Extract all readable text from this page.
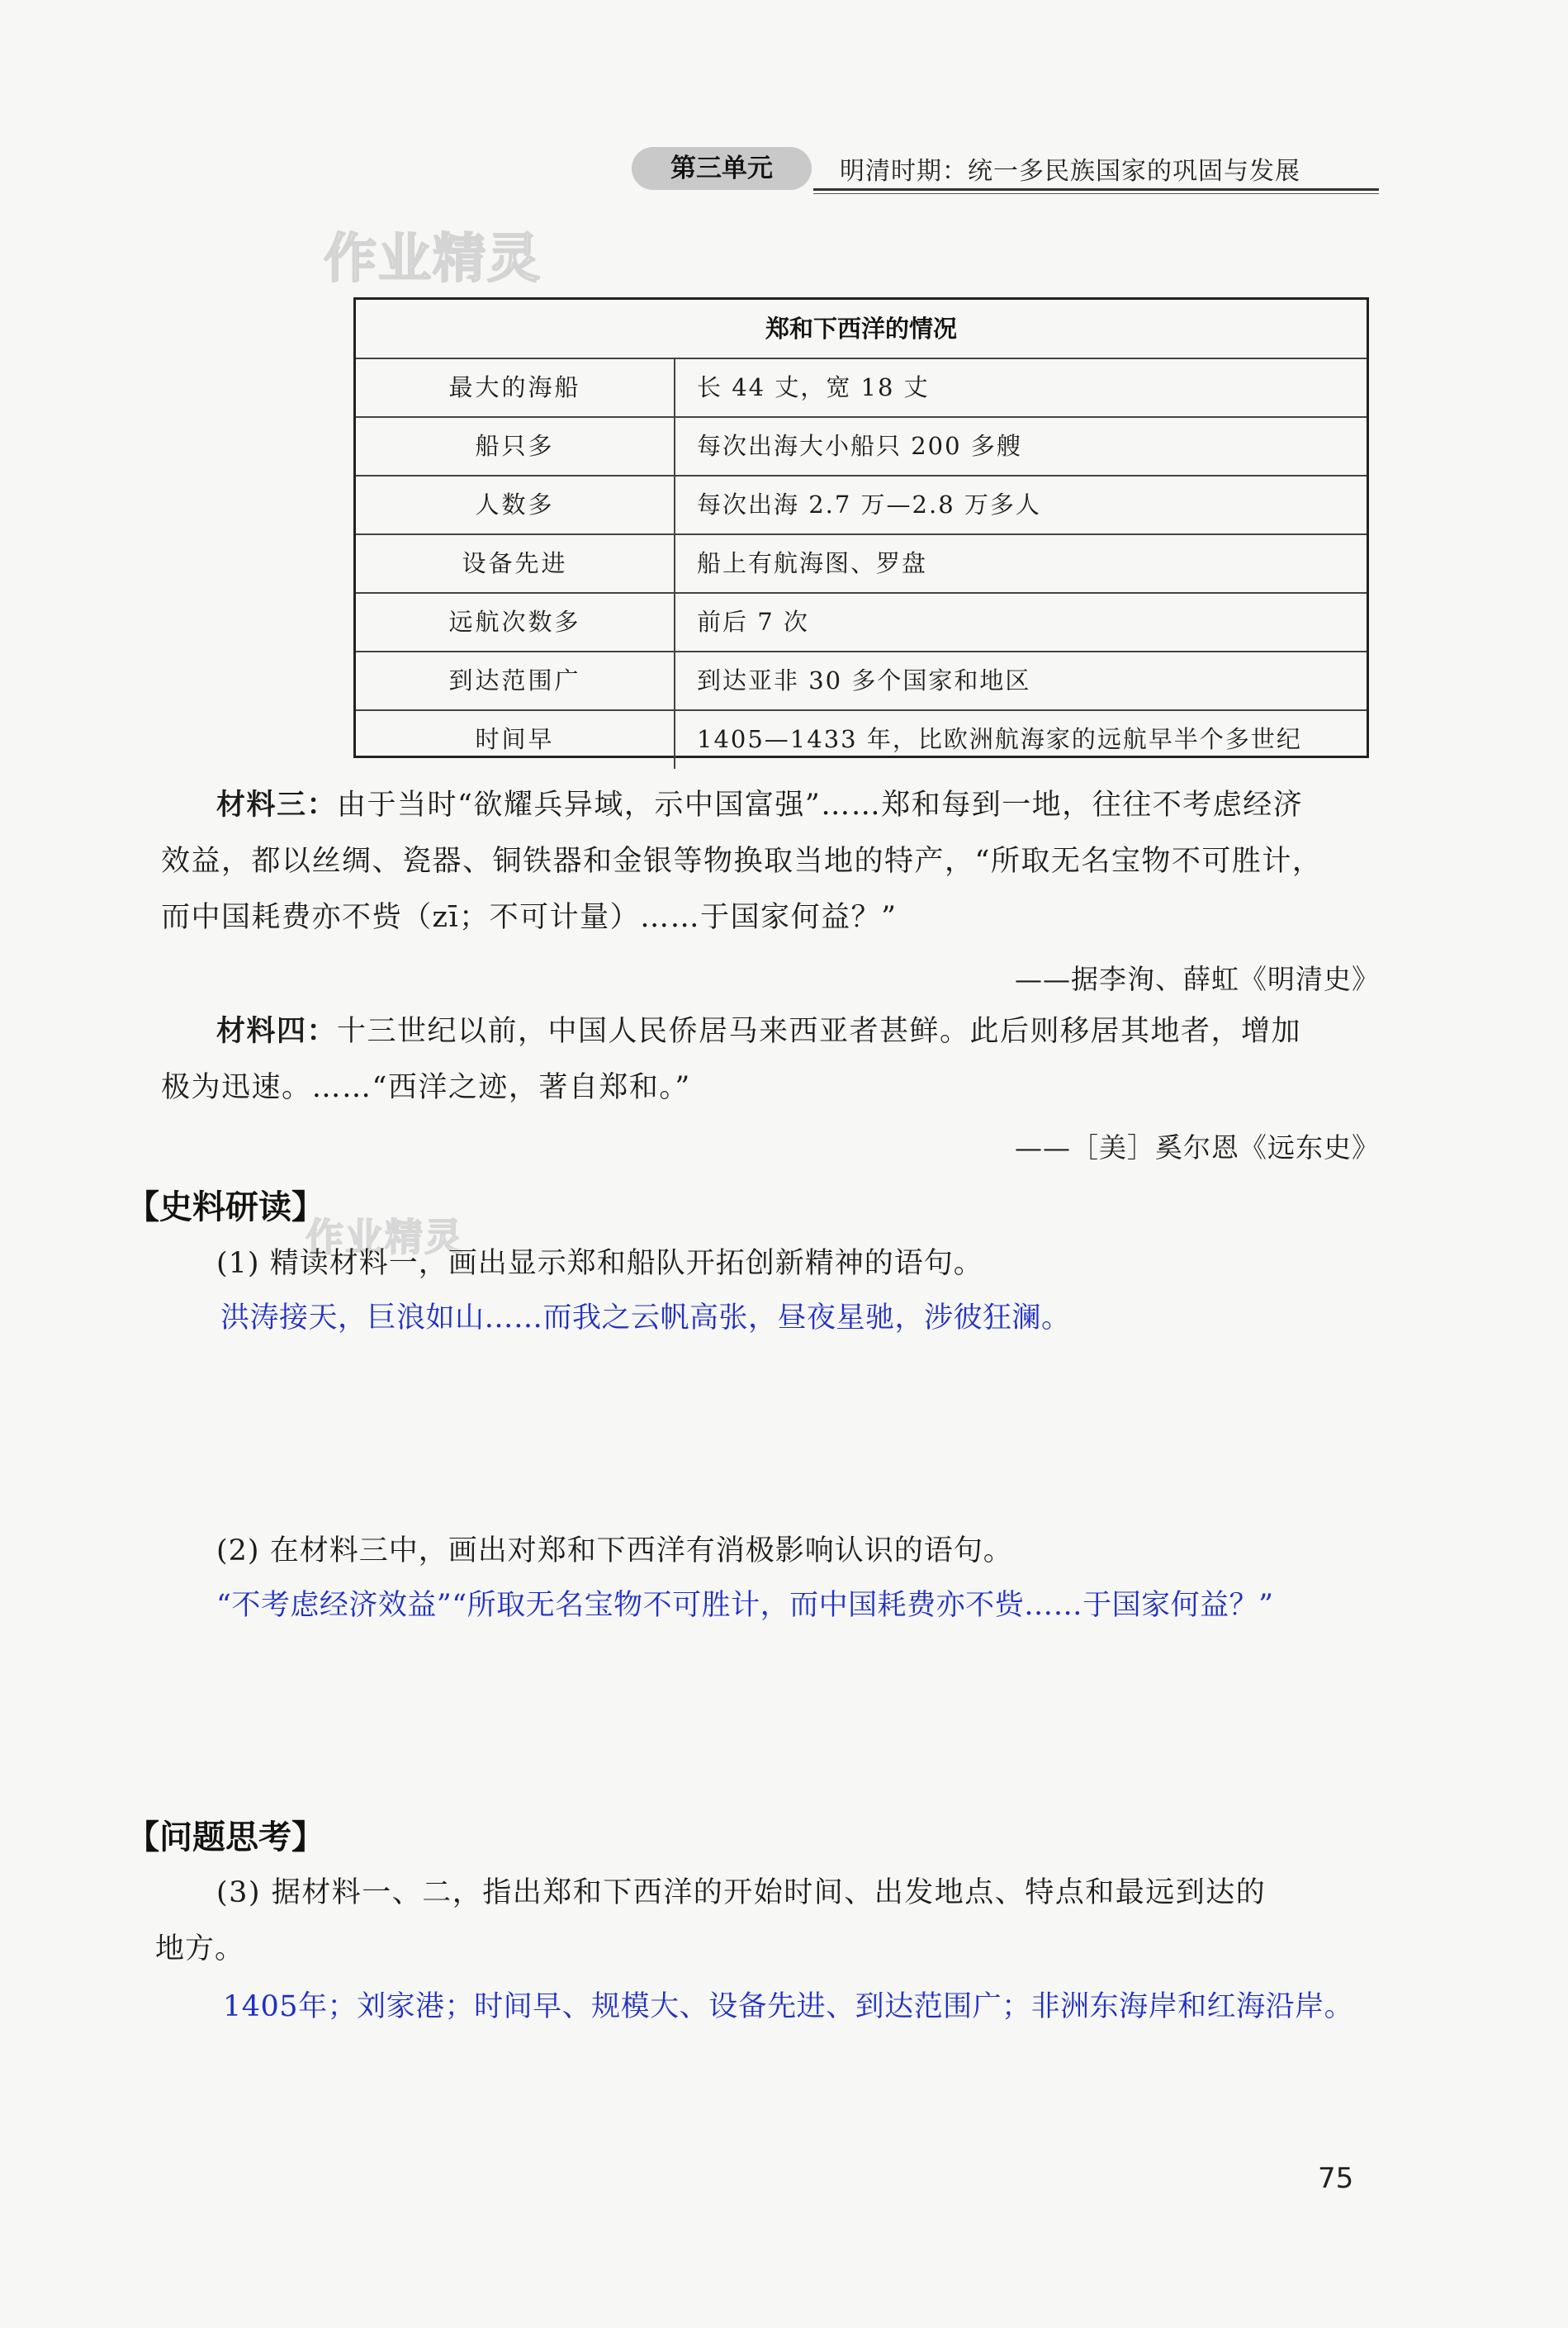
第三单元	明清时期：统一多民族国家的巩固与发展
作业精灵
郑和下西洋的情况
最大的海船	长 44 丈，宽 18 丈
船只多	每次出海大小船只 200 多艘
人数多	每次出海 2.7 万—2.8 万多人
设备先进	船上有航海图、罗盘
远航次数多	前后 7 次
到达范围广	到达亚非 30 多个国家和地区
时间早	1405—1433 年，比欧洲航海家的远航早半个多世纪
材料三：由于当时“欲耀兵异域，示中国富强”……郑和每到一地，往往不考虑经济
效益，都以丝绸、瓷器、铜铁器和金银等物换取当地的特产，“所取无名宝物不可胜计，
而中国耗费亦不赀（zī；不可计量）……于国家何益？”
——据李洵、薛虹《明清史》
材料四：十三世纪以前，中国人民侨居马来西亚者甚鲜。此后则移居其地者，增加
极为迅速。……“西洋之迹，著自郑和。”
——［美］奚尔恩《远东史》
【史料研读】
作业精灵
(1) 精读材料一，画出显示郑和船队开拓创新精神的语句。
洪涛接天，巨浪如山……而我之云帆高张，昼夜星驰，涉彼狂澜。
(2) 在材料三中，画出对郑和下西洋有消极影响认识的语句。
“不考虑经济效益”“所取无名宝物不可胜计，而中国耗费亦不赀……于国家何益？”
【问题思考】
(3) 据材料一、二，指出郑和下西洋的开始时间、出发地点、特点和最远到达的
地方。
1405年；刘家港；时间早、规模大、设备先进、到达范围广；非洲东海岸和红海沿岸。
75
